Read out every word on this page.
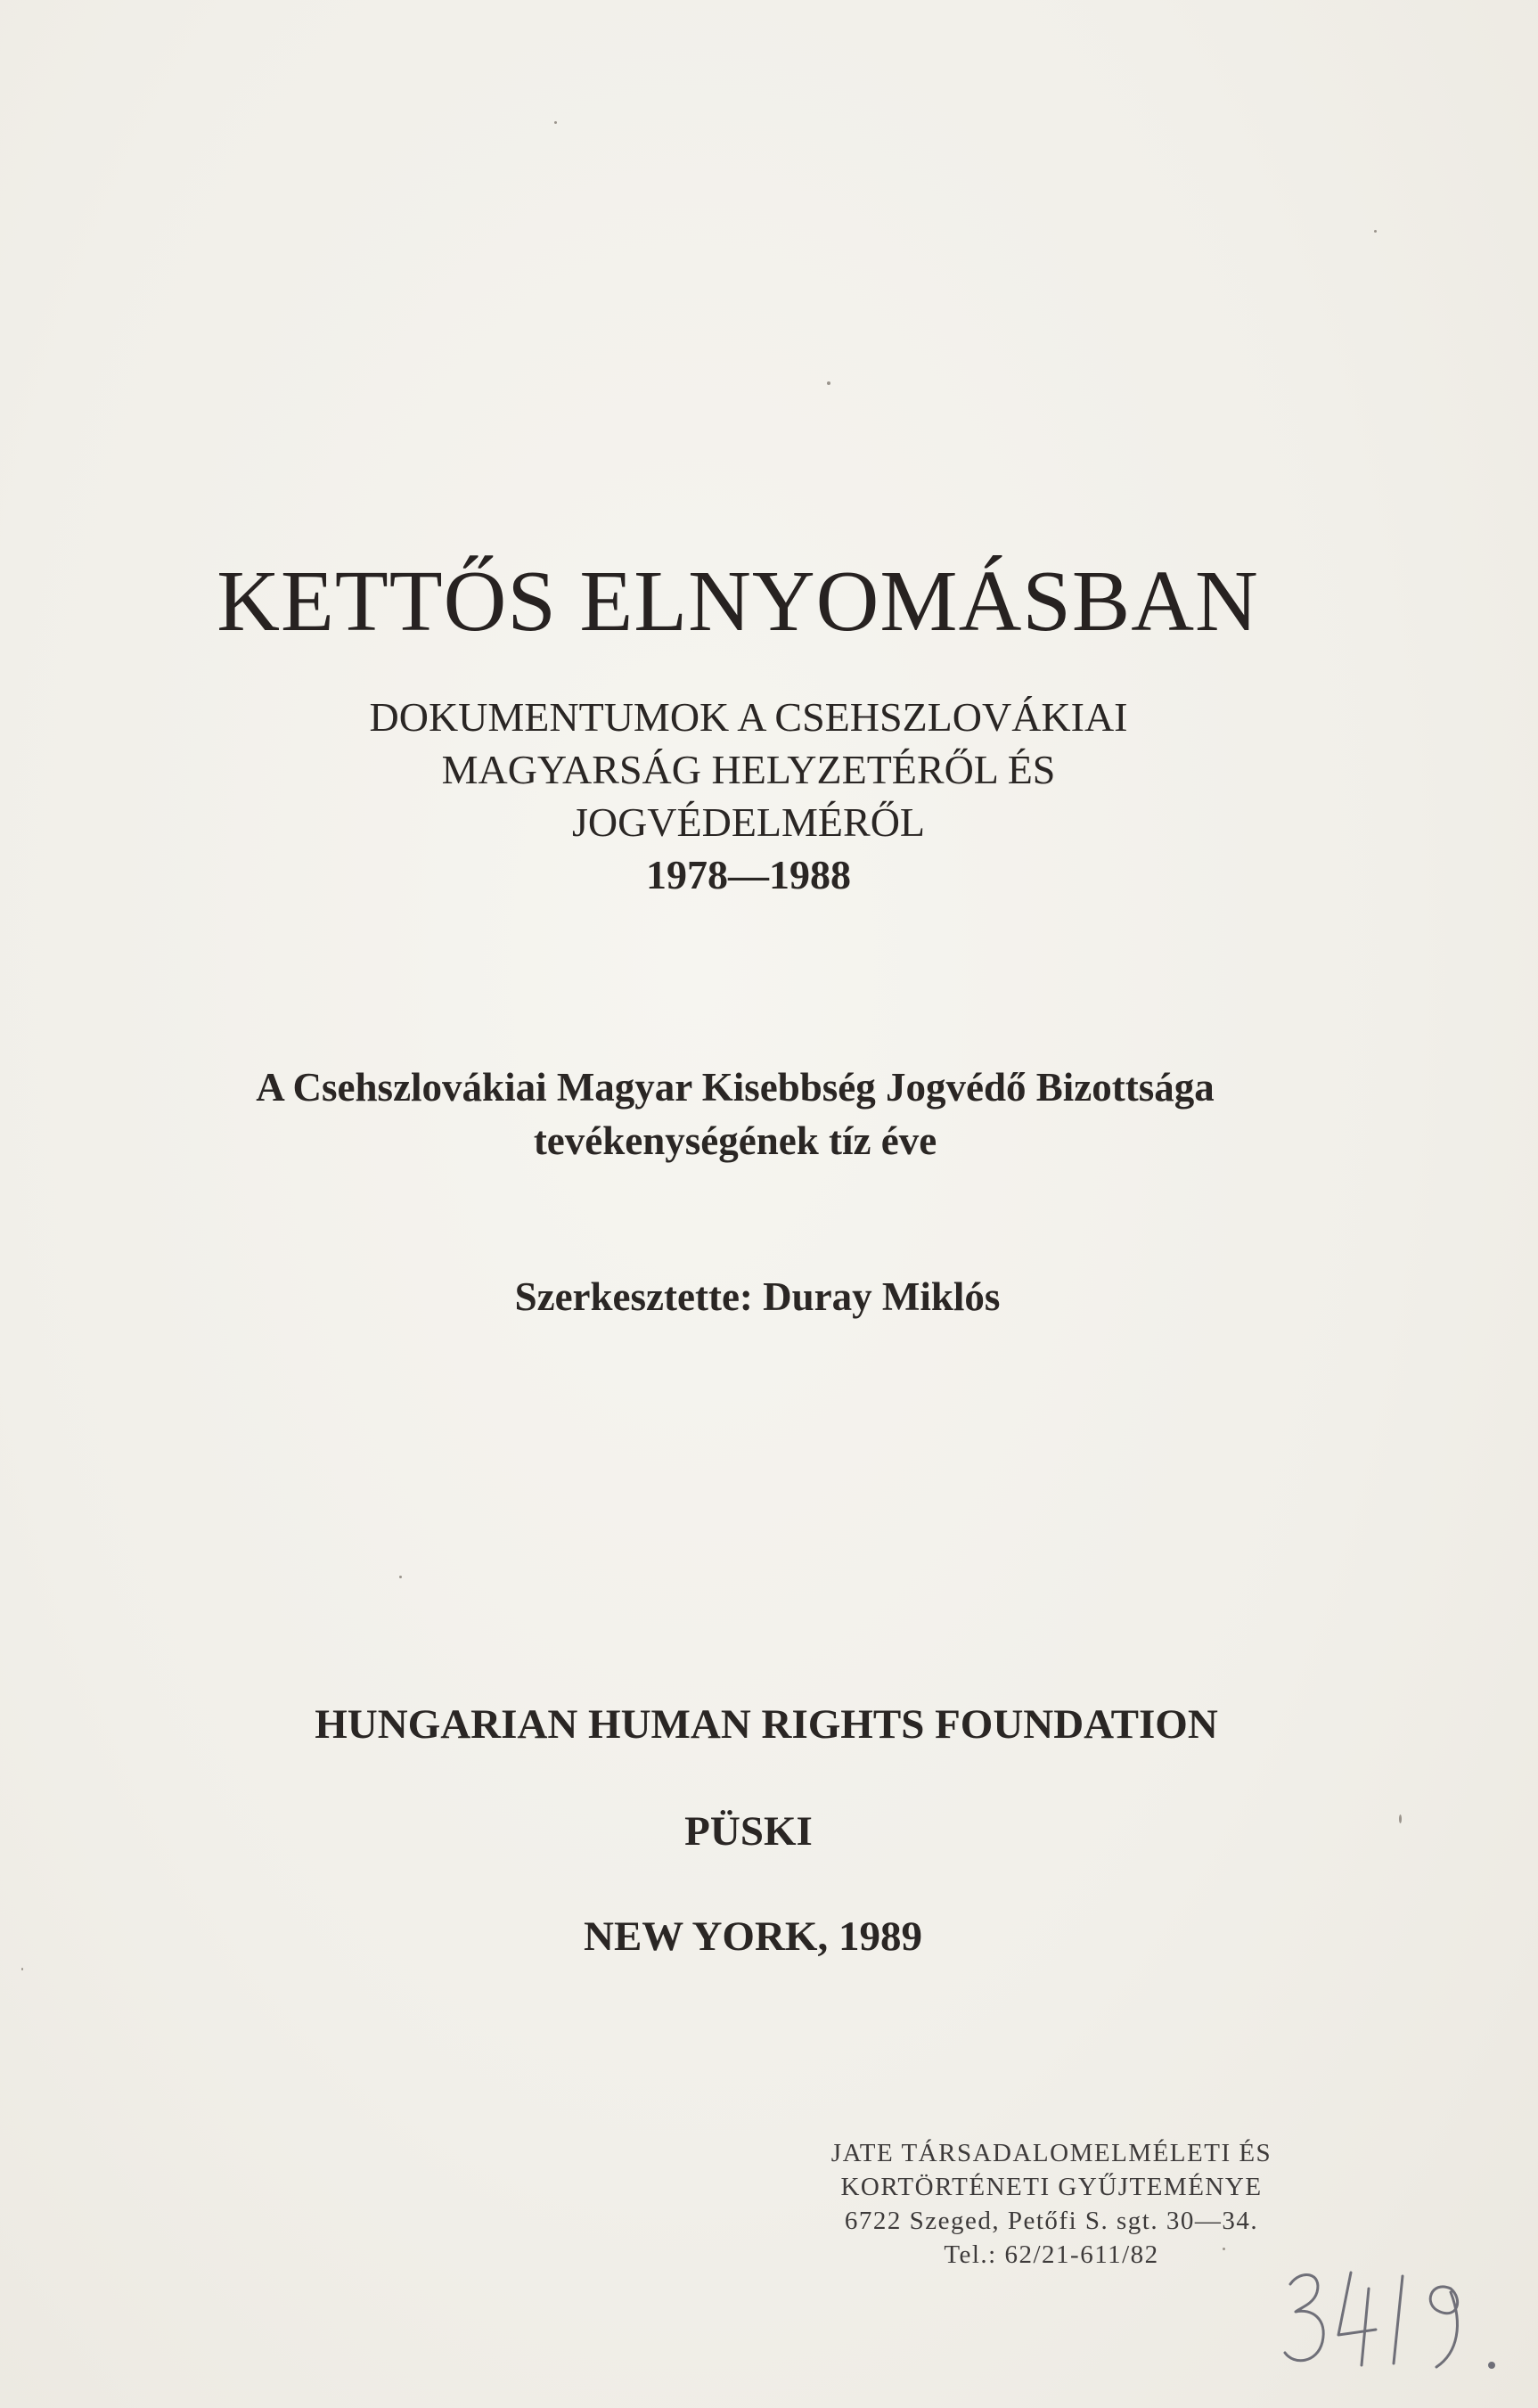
KETTŐS ELNYOMÁSBAN
DOKUMENTUMOK A CSEHSZLOVÁKIAI
MAGYARSÁG HELYZETÉRŐL ÉS
JOGVÉDELMÉRŐL
1978—1988
A Csehszlovákiai Magyar Kisebbség Jogvédő Bizottsága
tevékenységének tíz éve
Szerkesztette: Duray Miklós
HUNGARIAN HUMAN RIGHTS FOUNDATION
PÜSKI
NEW YORK, 1989
JATE TÁRSADALOMELMÉLETI ÉS
KORTÖRTÉNETI GYŰJTEMÉNYE
6722 Szeged, Petőfi S. sgt. 30—34.
Tel.: 62/21-611/82
